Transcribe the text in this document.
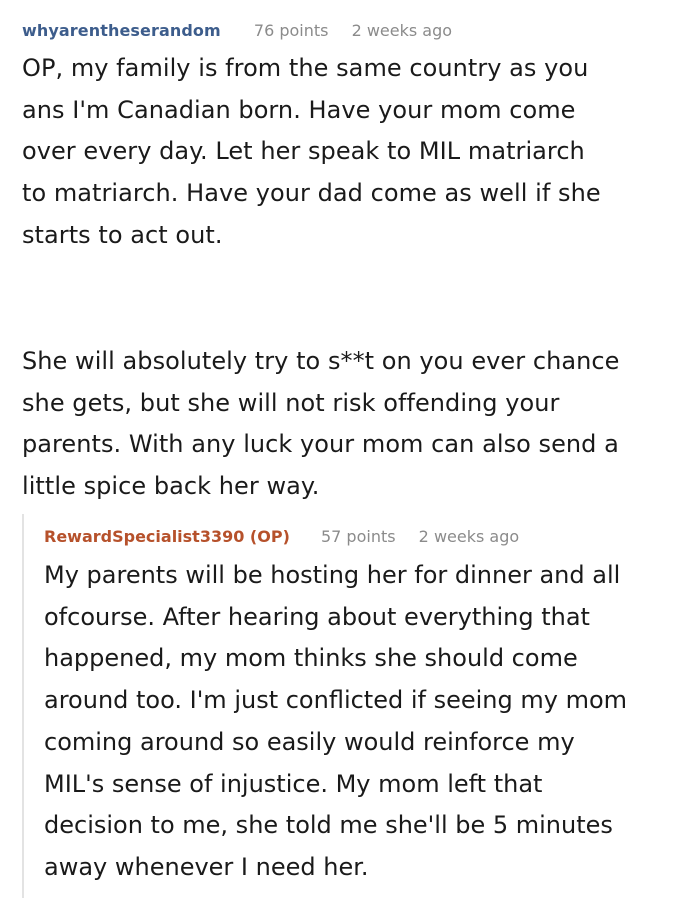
whyarentheserandom 76 points 2 weeks ago

OP, my family is from the same country as you

ans I'm Canadian born. Have your mom come

over every day. Let her speak to MIL matriarch

to matriarch. Have your dad come as well if she

starts to act out.

She will absolutely try to s**t on you ever chance

she gets, but she will not risk offending your

parents. With any luck your mom can also send a

little spice back her way.

RewardSpecialist3390 (OP) 57 points 2 weeks ago

My parents will be hosting her for dinner and all

ofcourse. After hearing about everything that

happened, my mom thinks she should come

around too. I'm just conflicted if seeing my mom

coming around so easily would reinforce my

MIL's sense of injustice. My mom left that

decision to me, she told me she'll be 5 minutes

away whenever I need her.
